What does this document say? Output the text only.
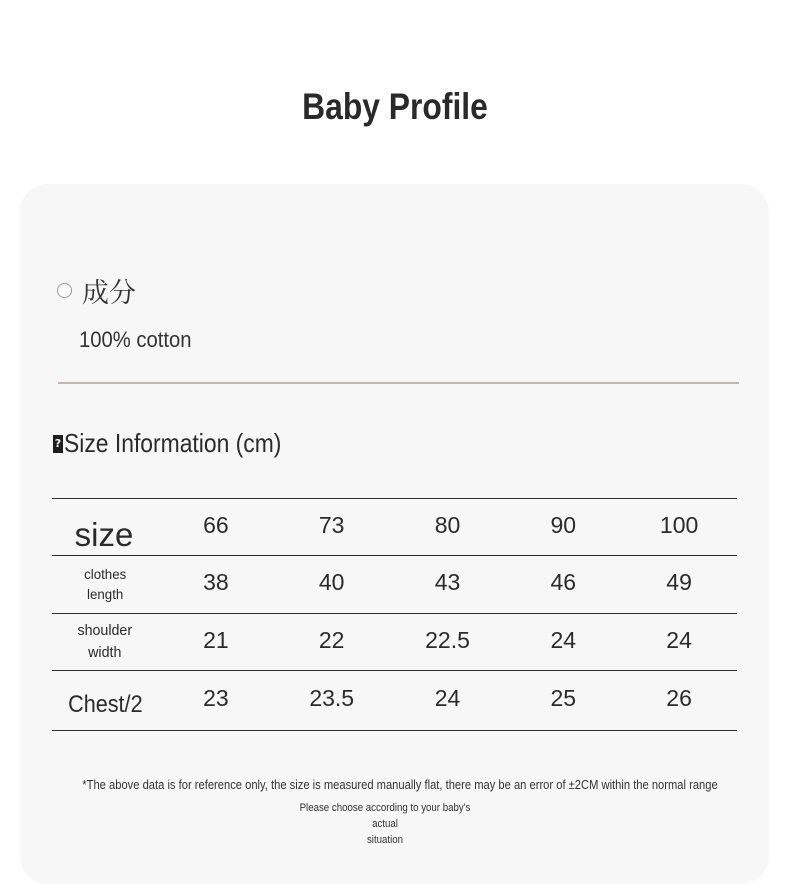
Baby Profile
成分
100% cotton
? Size Information (cm)
size	66	73	80	90	100
clothes
length	38	40	43	46	49
shoulder
width	21	22	22.5	24	24
Chest/2	23	23.5	24	25	26
*The above data is for reference only, the size is measured manually flat, there may be an error of ±2CM within the normal range
Please choose according to your baby's actual
situation
